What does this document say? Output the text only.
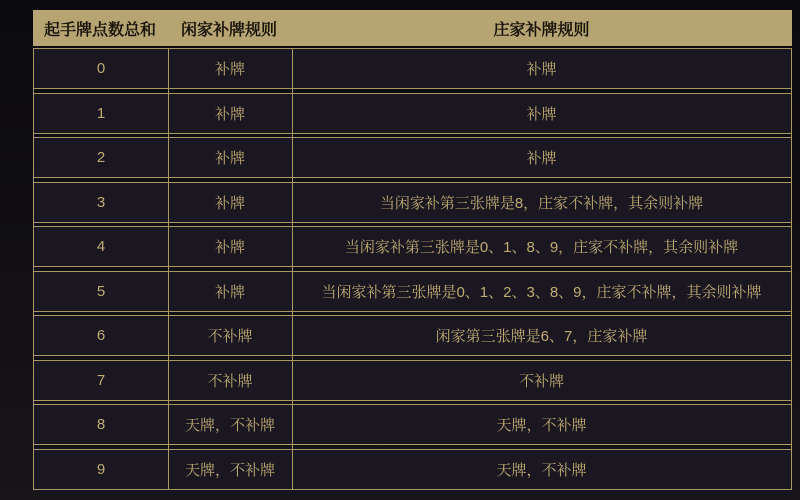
起手牌点数总和	闲家补牌规则	庄家补牌规则
0	补牌	补牌
1	补牌	补牌
2	补牌	补牌
3	补牌	当闲家补第三张牌是8，庄家不补牌，其余则补牌
4	补牌	当闲家补第三张牌是0、1、8、9，庄家不补牌，其余则补牌
5	补牌	当闲家补第三张牌是0、1、2、3、8、9，庄家不补牌，其余则补牌
6	不补牌	闲家第三张牌是6、7，庄家补牌
7	不补牌	不补牌
8	天牌，不补牌	天牌，不补牌
9	天牌，不补牌	天牌，不补牌
